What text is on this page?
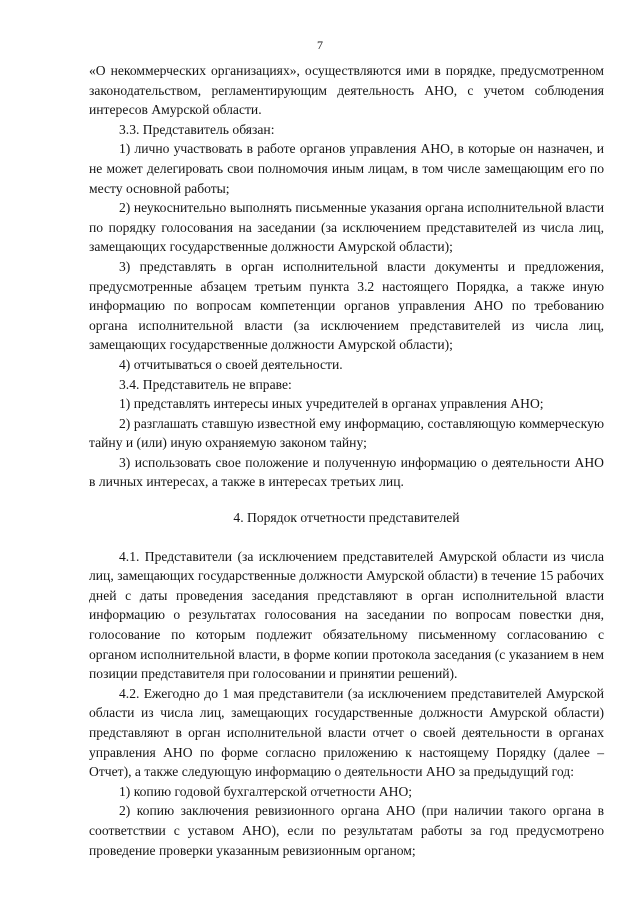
7

«О некоммерческих организациях», осуществляются ими в порядке, предусмотренном законодательством, регламентирующим деятельность АНО, с учетом соблюдения интересов Амурской области.

3.3. Представитель обязан:

1) лично участвовать в работе органов управления АНО, в которые он назначен, и не может делегировать свои полномочия иным лицам, в том числе замещающим его по месту основной работы;

2) неукоснительно выполнять письменные указания органа исполнительной власти по порядку голосования на заседании (за исключением представителей из числа лиц, замещающих государственные должности Амурской области);

3) представлять в орган исполнительной власти документы и предложения, предусмотренные абзацем третьим пункта 3.2 настоящего Порядка, а также иную информацию по вопросам компетенции органов управления АНО по требованию органа исполнительной власти (за исключением представителей из числа лиц, замещающих государственные должности Амурской области);

4) отчитываться о своей деятельности.

3.4. Представитель не вправе:

1) представлять интересы иных учредителей в органах управления АНО;

2) разглашать ставшую известной ему информацию, составляющую коммерческую тайну и (или) иную охраняемую законом тайну;

3) использовать свое положение и полученную информацию о деятельности АНО в личных интересах, а также в интересах третьих лиц.

4. Порядок отчетности представителей

4.1. Представители (за исключением представителей Амурской области из числа лиц, замещающих государственные должности Амурской области) в течение 15 рабочих дней с даты проведения заседания представляют в орган исполнительной власти информацию о результатах голосования на заседании по вопросам повестки дня, голосование по которым подлежит обязательному письменному согласованию с органом исполнительной власти, в форме копии протокола заседания (с указанием в нем позиции представителя при голосовании и принятии решений).

4.2. Ежегодно до 1 мая представители (за исключением представителей Амурской области из числа лиц, замещающих государственные должности Амурской области) представляют в орган исполнительной власти отчет о своей деятельности в органах управления АНО по форме согласно приложению к настоящему Порядку (далее – Отчет), а также следующую информацию о деятельности АНО за предыдущий год:

1) копию годовой бухгалтерской отчетности АНО;

2) копию заключения ревизионного органа АНО (при наличии такого органа в соответствии с уставом АНО), если по результатам работы за год предусмотрено проведение проверки указанным ревизионным органом;
